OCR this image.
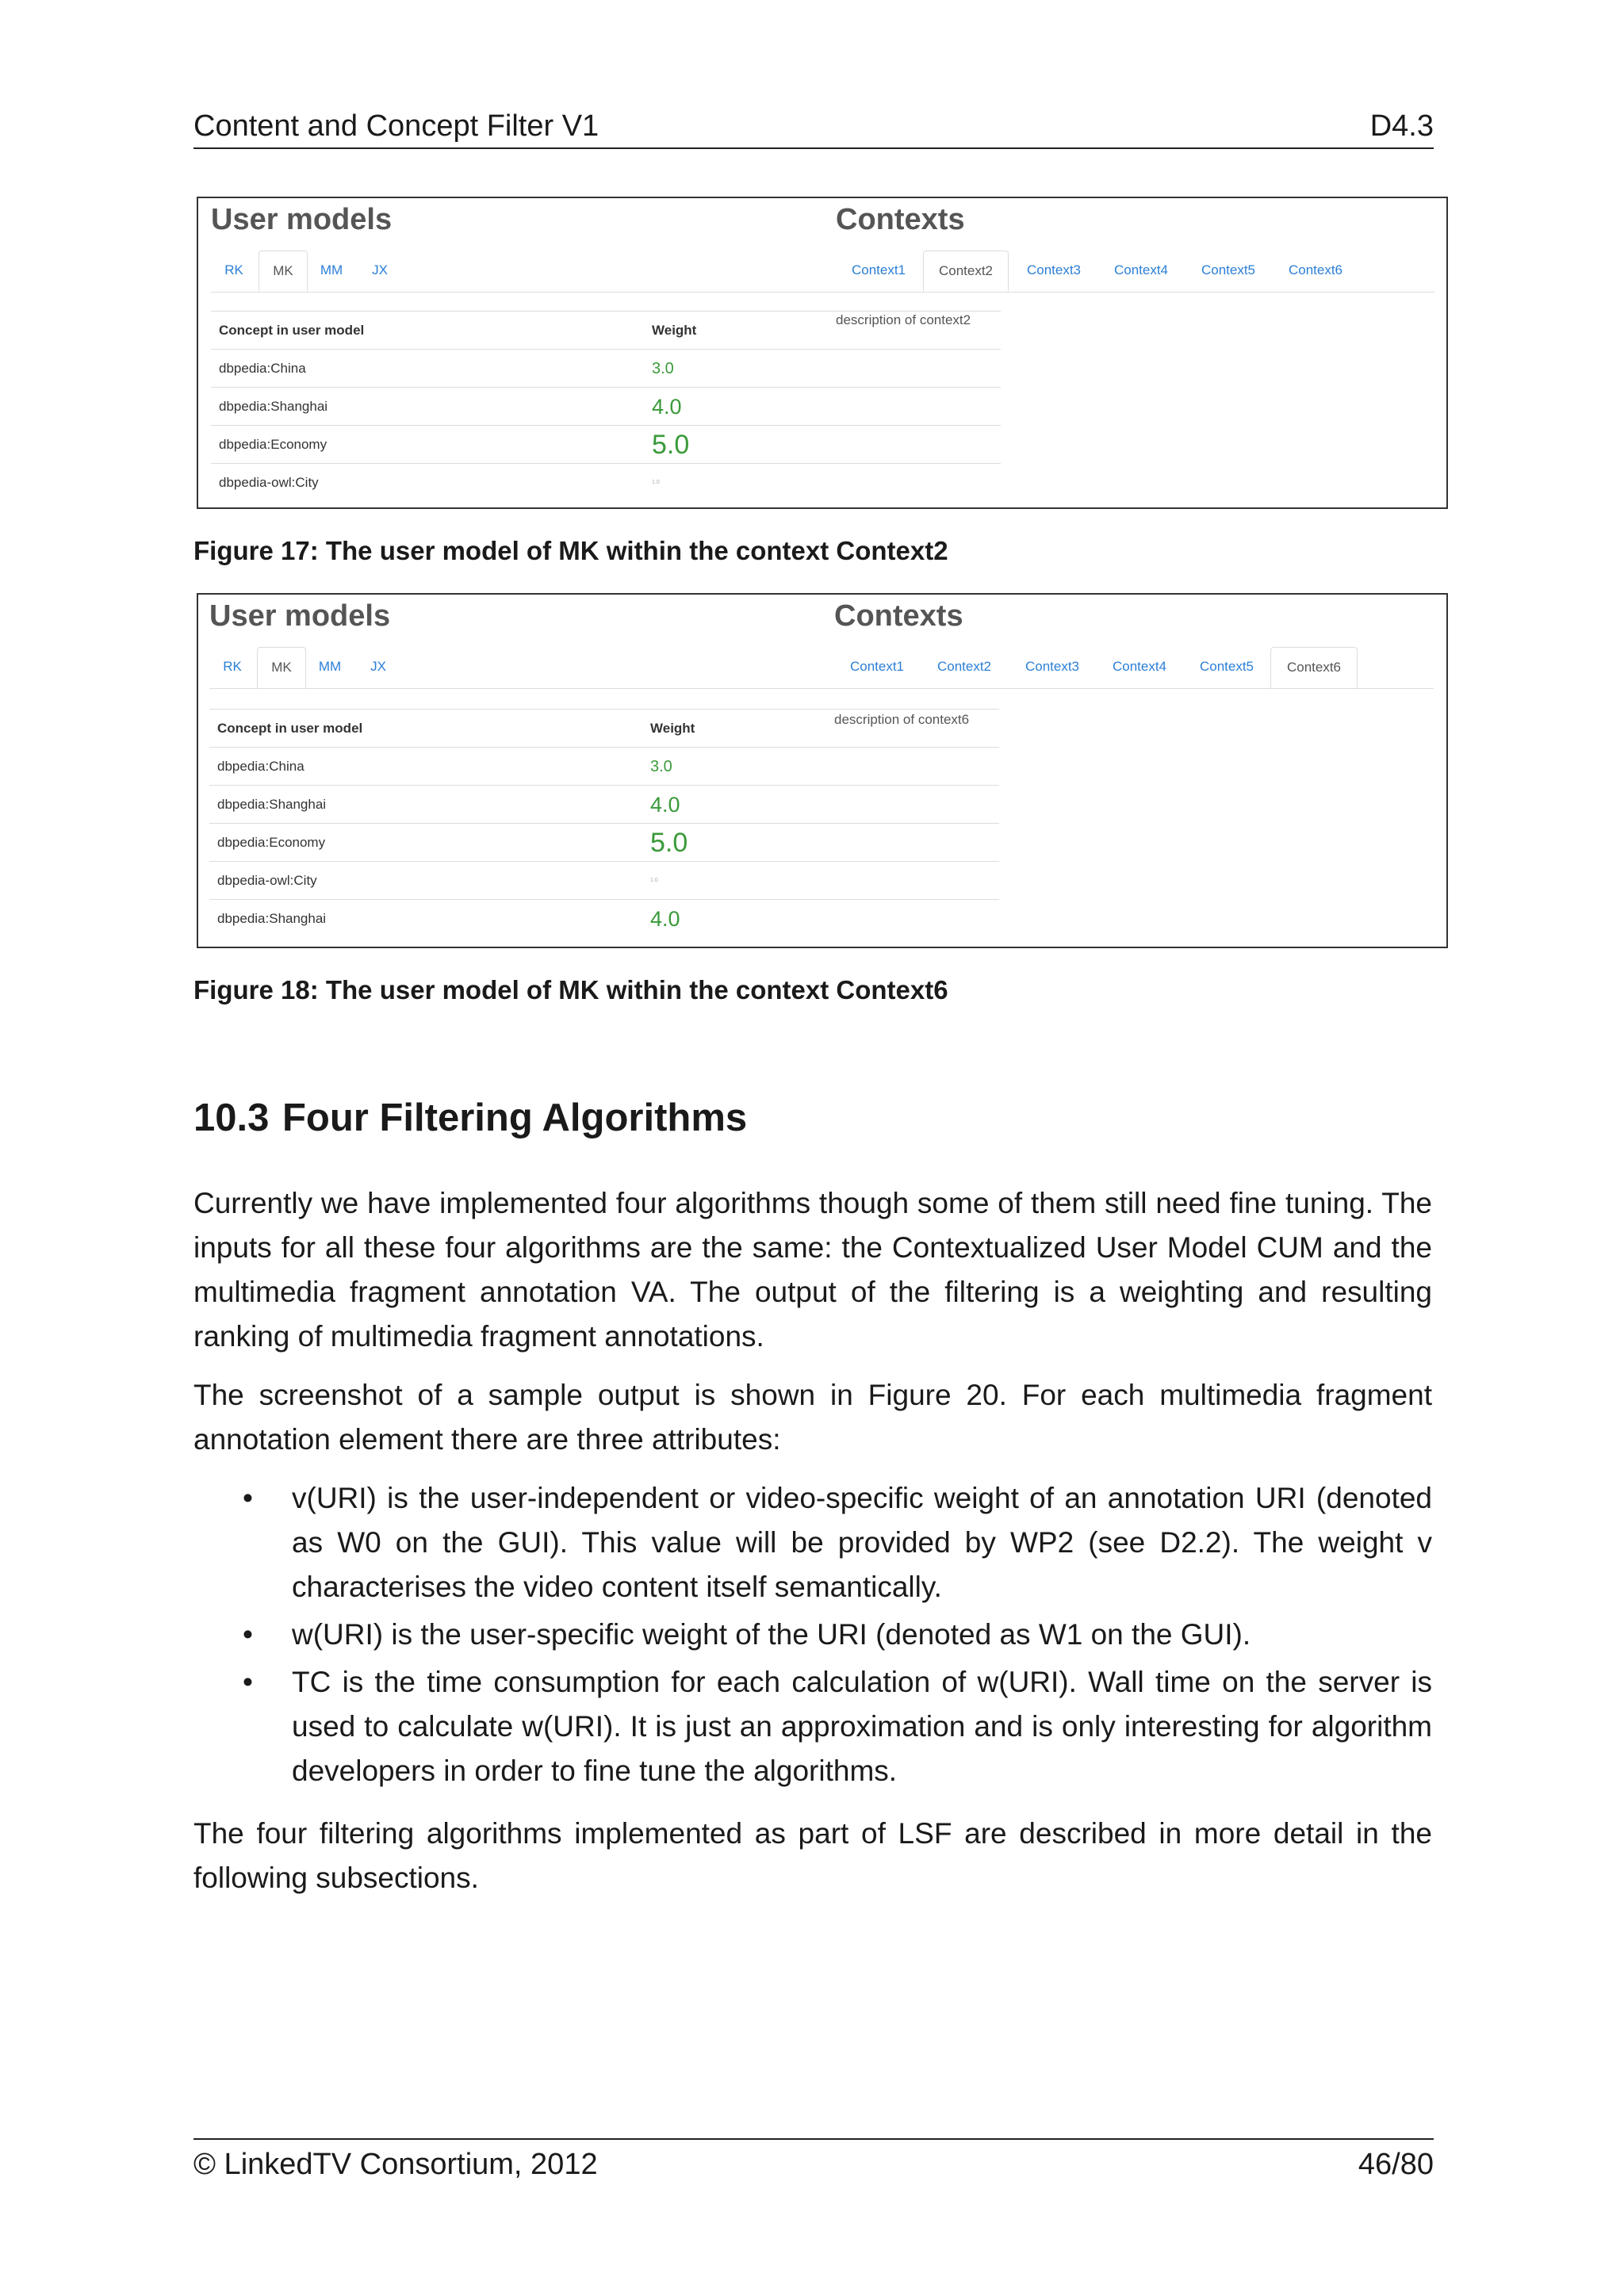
Content and Concept Filter V1	D4.3
User models
RK	MK	MM	JX
Concept in user model	Weight
dbpedia:China	3.0
dbpedia:Shanghai	4.0
dbpedia:Economy	5.0
dbpedia-owl:City	1.0
Contexts
Context1	Context2	Context3	Context4	Context5	Context6
description of context2
Figure 17: The user model of MK within the context Context2
User models
RK	MK	MM	JX
Concept in user model	Weight
dbpedia:China	3.0
dbpedia:Shanghai	4.0
dbpedia:Economy	5.0
dbpedia-owl:City	1.0
dbpedia:Shanghai	4.0
Contexts
Context1	Context2	Context3	Context4	Context5	Context6
description of context6
Figure 18: The user model of MK within the context Context6
10.3 Four Filtering Algorithms
Currently we have implemented four algorithms though some of them still need fine tuning. The inputs for all these four algorithms are the same: the Contextualized User Model CUM and the multimedia fragment annotation VA. The output of the filtering is a weighting and resulting ranking of multimedia fragment annotations.
The screenshot of a sample output is shown in Figure 20. For each multimedia fragment annotation element there are three attributes:
• v(URI) is the user-independent or video-specific weight of an annotation URI (denoted as W0 on the GUI). This value will be provided by WP2 (see D2.2). The weight v characterises the video content itself semantically.
• w(URI) is the user-specific weight of the URI (denoted as W1 on the GUI).
• TC is the time consumption for each calculation of w(URI). Wall time on the server is used to calculate w(URI). It is just an approximation and is only interesting for algorithm developers in order to fine tune the algorithms.
The four filtering algorithms implemented as part of LSF are described in more detail in the following subsections.
© LinkedTV Consortium, 2012	46/80
